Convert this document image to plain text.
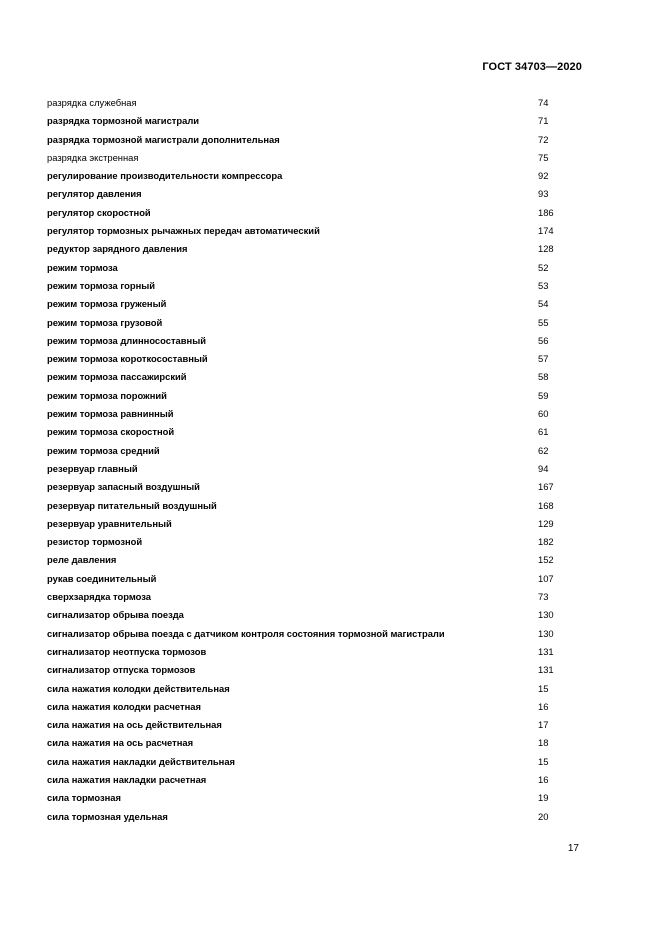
ГОСТ 34703—2020
разрядка служебная	74
разрядка тормозной магистрали	71
разрядка тормозной магистрали дополнительная	72
разрядка экстренная	75
регулирование производительности компрессора	92
регулятор давления	93
регулятор скоростной	186
регулятор тормозных рычажных передач автоматический	174
редуктор зарядного давления	128
режим тормоза	52
режим тормоза горный	53
режим тормоза груженый	54
режим тормоза грузовой	55
режим тормоза длинносоставный	56
режим тормоза короткосоставный	57
режим тормоза пассажирский	58
режим тормоза порожний	59
режим тормоза равнинный	60
режим тормоза скоростной	61
режим тормоза средний	62
резервуар главный	94
резервуар запасный воздушный	167
резервуар питательный воздушный	168
резервуар уравнительный	129
резистор тормозной	182
реле давления	152
рукав соединительный	107
сверхзарядка тормоза	73
сигнализатор обрыва поезда	130
сигнализатор обрыва поезда с датчиком контроля состояния тормозной магистрали	130
сигнализатор неотпуска тормозов	131
сигнализатор отпуска тормозов	131
сила нажатия колодки действительная	15
сила нажатия колодки расчетная	16
сила нажатия на ось действительная	17
сила нажатия на ось расчетная	18
сила нажатия накладки действительная	15
сила нажатия накладки расчетная	16
сила тормозная	19
сила тормозная удельная	20
17
